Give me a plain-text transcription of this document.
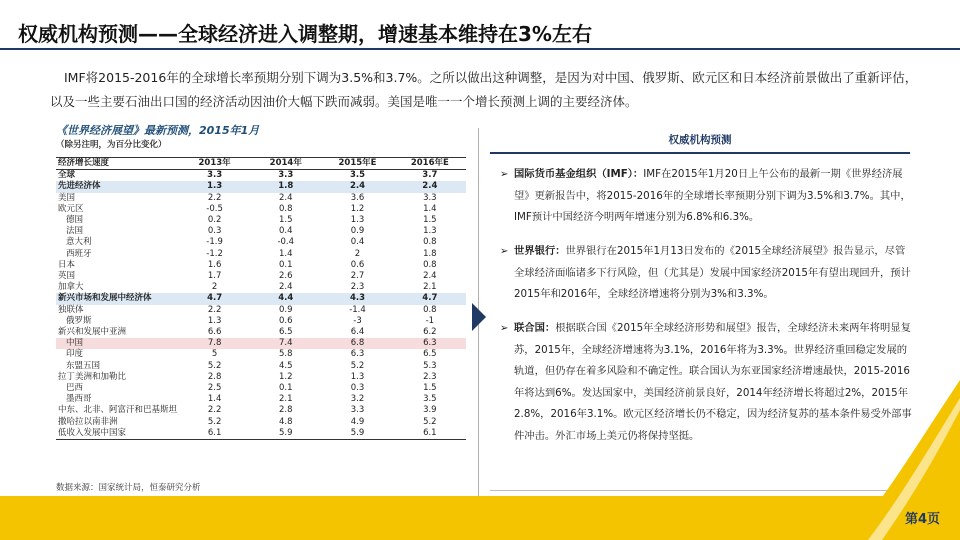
权威机构预测——全球经济进入调整期，增速基本维持在3%左右
IMF将2015-2016年的全球增长率预期分别下调为3.5%和3.7%。之所以做出这种调整，是因为对中国、俄罗斯、欧元区和日本经济前景做出了重新评估，以及一些主要石油出口国的经济活动因油价大幅下跌而减弱。美国是唯一一个增长预测上调的主要经济体。
《世界经济展望》最新预测，2015年1月
（除另注明，为百分比变化）
经济增长速度	2013年	2014年	2015年E	2016年E
全球	3.3	3.3	3.5	3.7
先进经济体	1.3	1.8	2.4	2.4
美国	2.2	2.4	3.6	3.3
欧元区	-0.5	0.8	1.2	1.4
德国	0.2	1.5	1.3	1.5
法国	0.3	0.4	0.9	1.3
意大利	-1.9	-0.4	0.4	0.8
西班牙	-1.2	1.4	2	1.8
日本	1.6	0.1	0.6	0.8
英国	1.7	2.6	2.7	2.4
加拿大	2	2.4	2.3	2.1
新兴市场和发展中经济体	4.7	4.4	4.3	4.7
独联体	2.2	0.9	-1.4	0.8
俄罗斯	1.3	0.6	-3	-1
新兴和发展中亚洲	6.6	6.5	6.4	6.2
中国	7.8	7.4	6.8	6.3
印度	5	5.8	6.3	6.5
东盟五国	5.2	4.5	5.2	5.3
拉丁美洲和加勒比	2.8	1.2	1.3	2.3
巴西	2.5	0.1	0.3	1.5
墨西哥	1.4	2.1	3.2	3.5
中东、北非、阿富汗和巴基斯坦	2.2	2.8	3.3	3.9
撒哈拉以南非洲	5.2	4.8	4.9	5.2
低收入发展中国家	6.1	5.9	5.9	6.1
数据来源：国家统计局，恒泰研究分析
权威机构预测
➢ 国际货币基金组织（IMF）：IMF在2015年1月20日上午公布的最新一期《世界经济展望》更新报告中，将2015-2016年的全球增长率预期分别下调为3.5%和3.7%。其中，IMF预计中国经济今明两年增速分别为6.8%和6.3%。
➢ 世界银行：世界银行在2015年1月13日发布的《2015全球经济展望》报告显示，尽管全球经济面临诸多下行风险，但（尤其是）发展中国家经济2015年有望出现回升，预计2015年和2016年，全球经济增速将分别为3%和3.3%。
➢ 联合国：根据联合国《2015年全球经济形势和展望》报告，全球经济未来两年将明显复苏，2015年，全球经济增速将为3.1%，2016年将为3.3%。世界经济重回稳定发展的轨道，但仍存在着多风险和不确定性。联合国认为东亚国家经济增速最快，2015-2016年将达到6%。发达国家中，美国经济前景良好，2014年经济增长将超过2%，2015年2.8%，2016年3.1%。欧元区经济增长仍不稳定，因为经济复苏的基本条件易受外部事件冲击。外汇市场上美元仍将保持坚挺。
第4页
